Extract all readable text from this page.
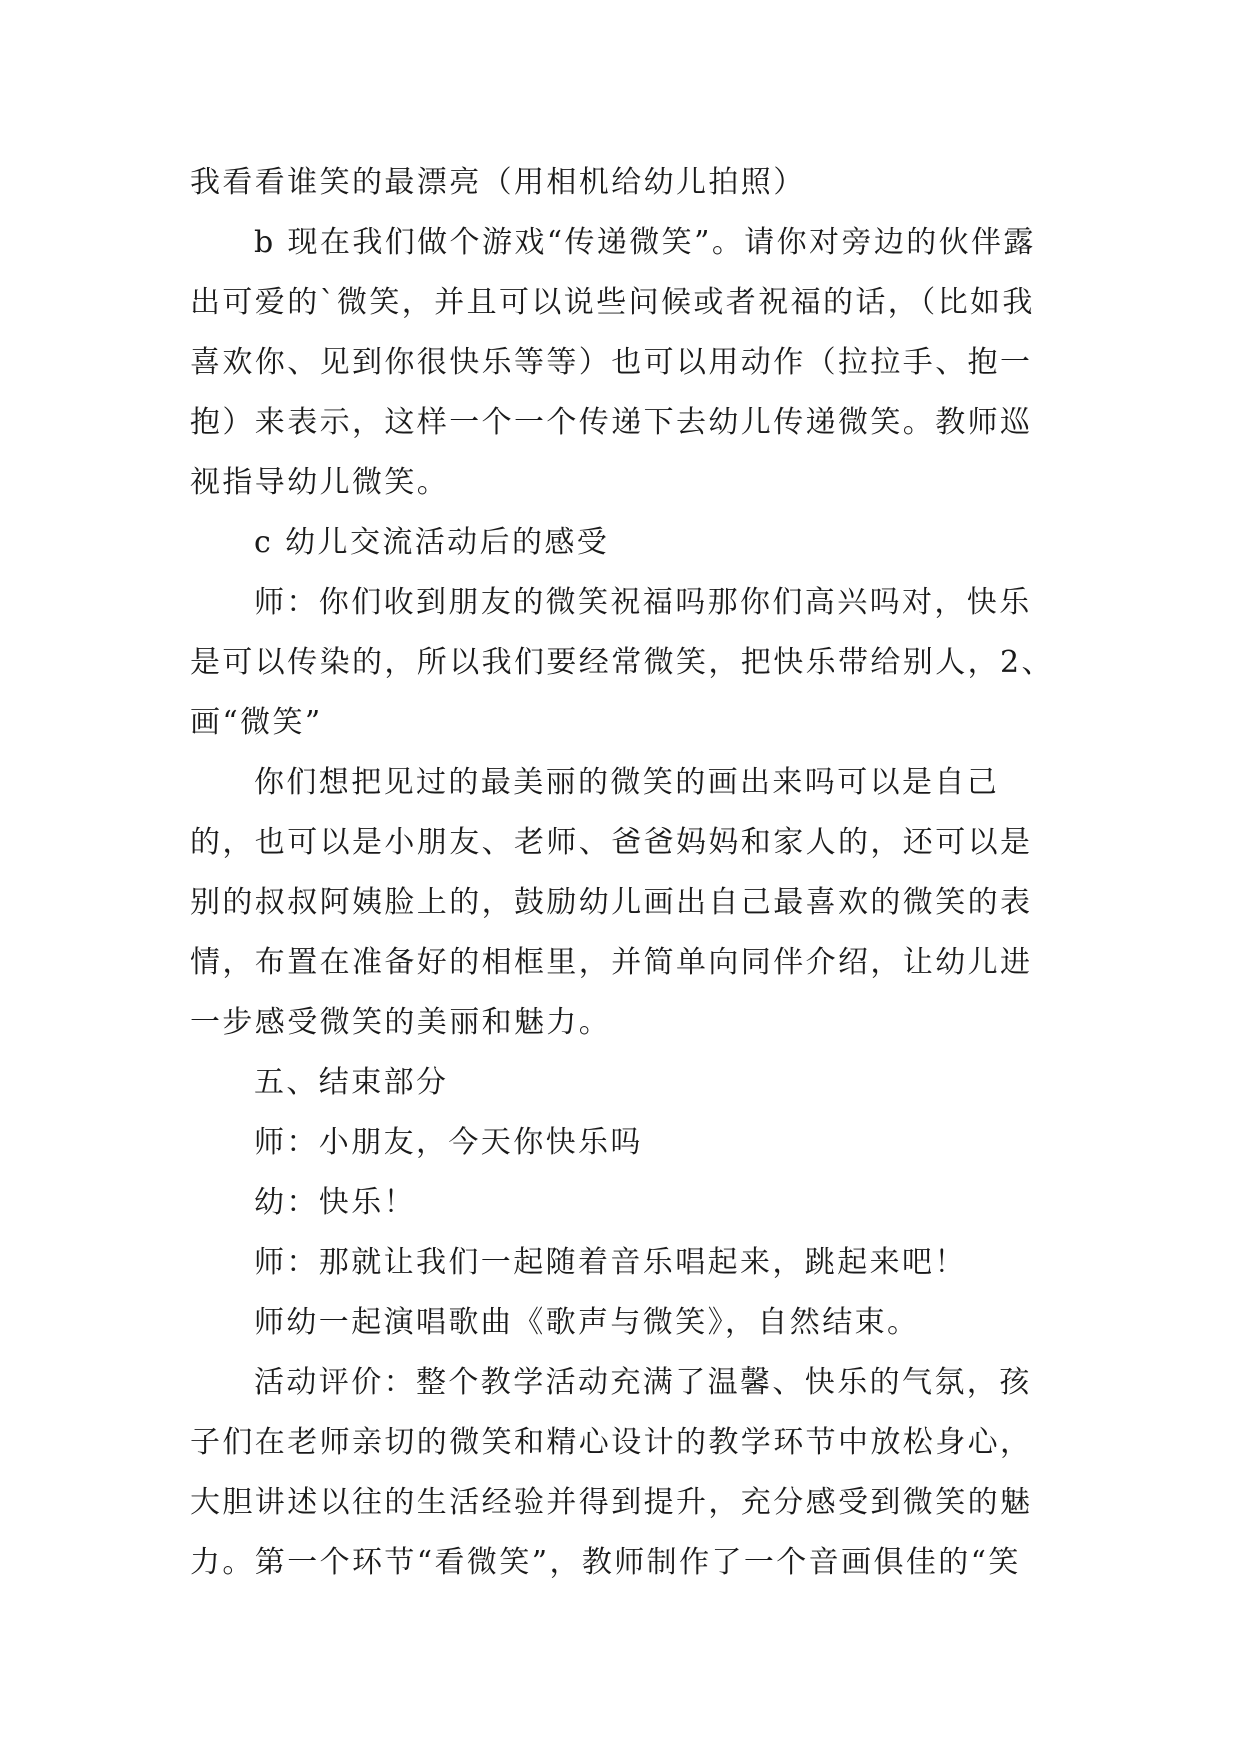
我看看谁笑的最漂亮（用相机给幼儿拍照）

b 现在我们做个游戏“传递微笑”。请你对旁边的伙伴露

出可爱的`微笑，并且可以说些问候或者祝福的话，（比如我

喜欢你、见到你很快乐等等）也可以用动作（拉拉手、抱一

抱）来表示，这样一个一个传递下去幼儿传递微笑。教师巡

视指导幼儿微笑。

c 幼儿交流活动后的感受

师：你们收到朋友的微笑祝福吗那你们高兴吗对，快乐

是可以传染的，所以我们要经常微笑，把快乐带给别人，2、

画“微笑”

你们想把见过的最美丽的微笑的画出来吗可以是自己

的，也可以是小朋友、老师、爸爸妈妈和家人的，还可以是

别的叔叔阿姨脸上的，鼓励幼儿画出自己最喜欢的微笑的表

情，布置在准备好的相框里，并简单向同伴介绍，让幼儿进

一步感受微笑的美丽和魅力。

五、结束部分

师：小朋友，今天你快乐吗

幼：快乐！

师：那就让我们一起随着音乐唱起来，跳起来吧！

师幼一起演唱歌曲《歌声与微笑》，自然结束。

活动评价：整个教学活动充满了温馨、快乐的气氛，孩

子们在老师亲切的微笑和精心设计的教学环节中放松身心，

大胆讲述以往的生活经验并得到提升，充分感受到微笑的魅

力。第一个环节“看微笑”，教师制作了一个音画俱佳的“笑
